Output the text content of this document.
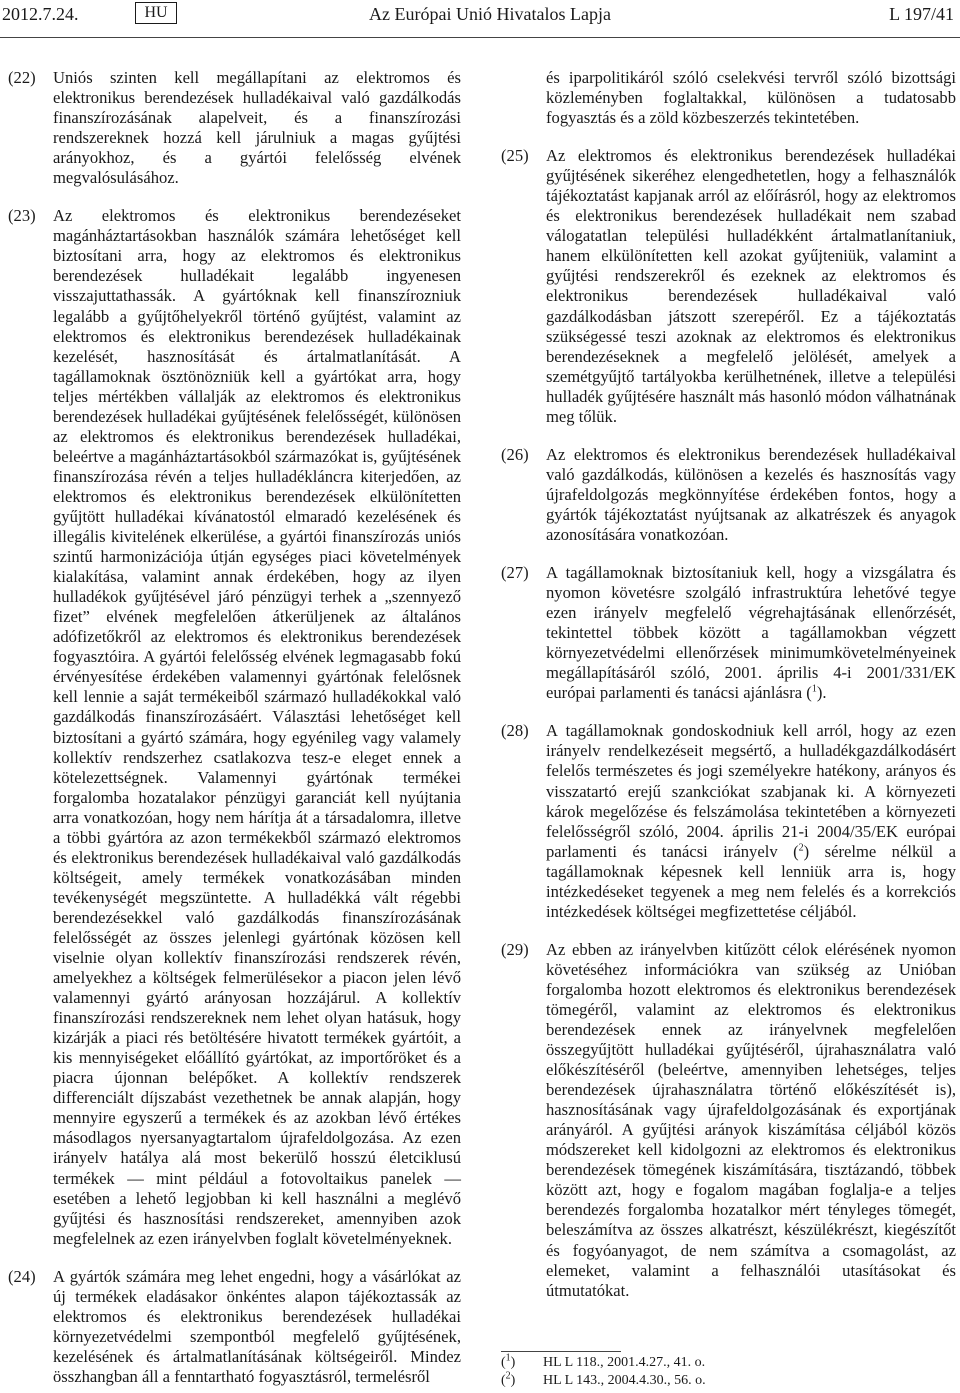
2012.7.24.	HU	Az Európai Unió Hivatalos Lapja	L 197/41
(22) Uniós szinten kell megállapítani az elektromos és elektronikus berendezések hulladékaival való gazdálkodás finanszírozásának alapelveit, és a finanszírozási rendszereknek hozzá kell járulniuk a magas gyűjtési arányokhoz, és a gyártói felelősség elvének megvalósulásához.

(23) Az elektromos és elektronikus berendezéseket magánháztartásokban használók számára lehetőséget kell biztosítani arra, hogy az elektromos és elektronikus berendezések hulladékait legalább ingyenesen visszajuttathassák. A gyártóknak kell finanszírozniuk legalább a gyűjtőhelyekről történő gyűjtést, valamint az elektromos és elektronikus berendezések hulladékainak kezelését, hasznosítását és ártalmatlanítását. A tagállamoknak ösztönözniük kell a gyártókat arra, hogy teljes mértékben vállalják az elektromos és elektronikus berendezések hulladékai gyűjtésének felelősségét, különösen az elektromos és elektronikus berendezések hulladékai, beleértve a magánháztartásokból származókat is, gyűjtésének finanszírozása révén a teljes hulladékláncra kiterjedően, az elektromos és elektronikus berendezések elkülönítetten gyűjtött hulladékai kívánatostól elmaradó kezelésének és illegális kivitelének elkerülése, a gyártói finanszírozás uniós szintű harmonizációja útján egységes piaci követelmények kialakítása, valamint annak érdekében, hogy az ilyen hulladékok gyűjtésével járó pénzügyi terhek a „szennyező fizet” elvének megfelelően átkerüljenek az általános adófizetőkről az elektromos és elektronikus berendezések fogyasztóira. A gyártói felelősség elvének legmagasabb fokú érvényesítése érdekében valamennyi gyártónak felelősnek kell lennie a saját termékeiből származó hulladékokkal való gazdálkodás finanszírozásáért. Választási lehetőséget kell biztosítani a gyártó számára, hogy egyénileg vagy valamely kollektív rendszerhez csatlakozva tesz-e eleget ennek a kötelezettségnek. Valamennyi gyártónak termékei forgalomba hozatalakor pénzügyi garanciát kell nyújtania arra vonatkozóan, hogy nem hárítja át a társadalomra, illetve a többi gyártóra az azon termékekből származó elektromos és elektronikus berendezések hulladékaival való gazdálkodás költségeit, amely termékek vonatkozásában minden tevékenységét megszüntette. A hulladékká vált régebbi berendezésekkel való gazdálkodás finanszírozásának felelősségét az összes jelenlegi gyártónak közösen kell viselnie olyan kollektív finanszírozási rendszerek révén, amelyekhez a költségek felmerülésekor a piacon jelen lévő valamennyi gyártó arányosan hozzájárul. A kollektív finanszírozási rendszereknek nem lehet olyan hatásuk, hogy kizárják a piaci rés betöltésére hivatott termékek gyártóit, a kis mennyiségeket előállító gyártókat, az importőröket és a piacra újonnan belépőket. A kollektív rendszerek differenciált díjszabást vezethetnek be annak alapján, hogy mennyire egyszerű a termékek és az azokban lévő értékes másodlagos nyersanyagtartalom újrafeldolgozása. Az ezen irányelv hatálya alá most bekerülő hosszú életciklusú termékek — mint például a fotovoltaikus panelek — esetében a lehető legjobban ki kell használni a meglévő gyűjtési és hasznosítási rendszereket, amennyiben azok megfelelnek az ezen irányelvben foglalt követelményeknek.

(24) A gyártók számára meg lehet engedni, hogy a vásárlókat az új termékek eladásakor önkéntes alapon tájékoztassák az elektromos és elektronikus berendezések hulladékai környezetvédelmi szempontból megfelelő gyűjtésének, kezelésének és ártalmatlanításának költségeiről. Mindez összhangban áll a fenntartható fogyasztásról, termelésről

és iparpolitikáról szóló cselekvési tervről szóló bizottsági közleményben foglaltakkal, különösen a tudatosabb fogyasztás és a zöld közbeszerzés tekintetében.

(25) Az elektromos és elektronikus berendezések hulladékai gyűjtésének sikeréhez elengedhetetlen, hogy a felhasználók tájékoztatást kapjanak arról az előírásról, hogy az elektromos és elektronikus berendezések hulladékait nem szabad válogatatlan települési hulladékként ártalmatlanítaniuk, hanem elkülönítetten kell azokat gyűjteniük, valamint a gyűjtési rendszerekről és ezeknek az elektromos és elektronikus berendezések hulladékaival való gazdálkodásban játszott szerepéről. Ez a tájékoztatás szükségessé teszi azoknak az elektromos és elektronikus berendezéseknek a megfelelő jelölését, amelyek a szemétgyűjtő tartályokba kerülhetnének, illetve a települési hulladék gyűjtésére használt más hasonló módon válhatnának meg tőlük.

(26) Az elektromos és elektronikus berendezések hulladékaival való gazdálkodás, különösen a kezelés és hasznosítás vagy újrafeldolgozás megkönnyítése érdekében fontos, hogy a gyártók tájékoztatást nyújtsanak az alkatrészek és anyagok azonosítására vonatkozóan.

(27) A tagállamoknak biztosítaniuk kell, hogy a vizsgálatra és nyomon követésre szolgáló infrastruktúra lehetővé tegye ezen irányelv megfelelő végrehajtásának ellenőrzését, tekintettel többek között a tagállamokban végzett környezetvédelmi ellenőrzések minimumkövetelményeinek megállapításáról szóló, 2001. április 4-i 2001/331/EK európai parlamenti és tanácsi ajánlásra ($^1$).

(28) A tagállamoknak gondoskodniuk kell arról, hogy az ezen irányelv rendelkezéseit megsértő, a hulladékgazdálkodásért felelős természetes és jogi személyekre hatékony, arányos és visszatartó erejű szankciókat szabjanak ki. A környezeti károk megelőzése és felszámolása tekintetében a környezeti felelősségről szóló, 2004. április 21-i 2004/35/EK európai parlamenti és tanácsi irányelv ($^2$) sérelme nélkül a tagállamoknak képesnek kell lenniük arra is, hogy intézkedéseket tegyenek a meg nem felelés és a korrekciós intézkedések költségei megfizettetése céljából.

(29) Az ebben az irányelvben kitűzött célok elérésének nyomon követéséhez információkra van szükség az Unióban forgalomba hozott elektromos és elektronikus berendezések tömegéről, valamint az elektromos és elektronikus berendezések ennek az irányelvnek megfelelően összegyűjtött hulladékai gyűjtéséről, újrahasználatra való előkészítéséről (beleértve, amennyiben lehetséges, teljes berendezések újrahasználatra történő előkészítését is), hasznosításának vagy újrafeldolgozásának és exportjának arányáról. A gyűjtési arányok kiszámítása céljából közös módszereket kell kidolgozni az elektromos és elektronikus berendezések tömegének kiszámítására, tisztázandó, többek között azt, hogy e fogalom magában foglalja-e a teljes berendezés forgalomba hozatalkor mért tényleges tömegét, beleszámítva az összes alkatrészt, készülékrészt, kiegészítőt és fogyóanyagot, de nem számítva a csomagolást, az elemeket, valamint a felhasználói utasításokat és útmutatókat.

($^1$) HL L 118., 2001.4.27., 41. o.
($^2$) HL L 143., 2004.4.30., 56. o.
